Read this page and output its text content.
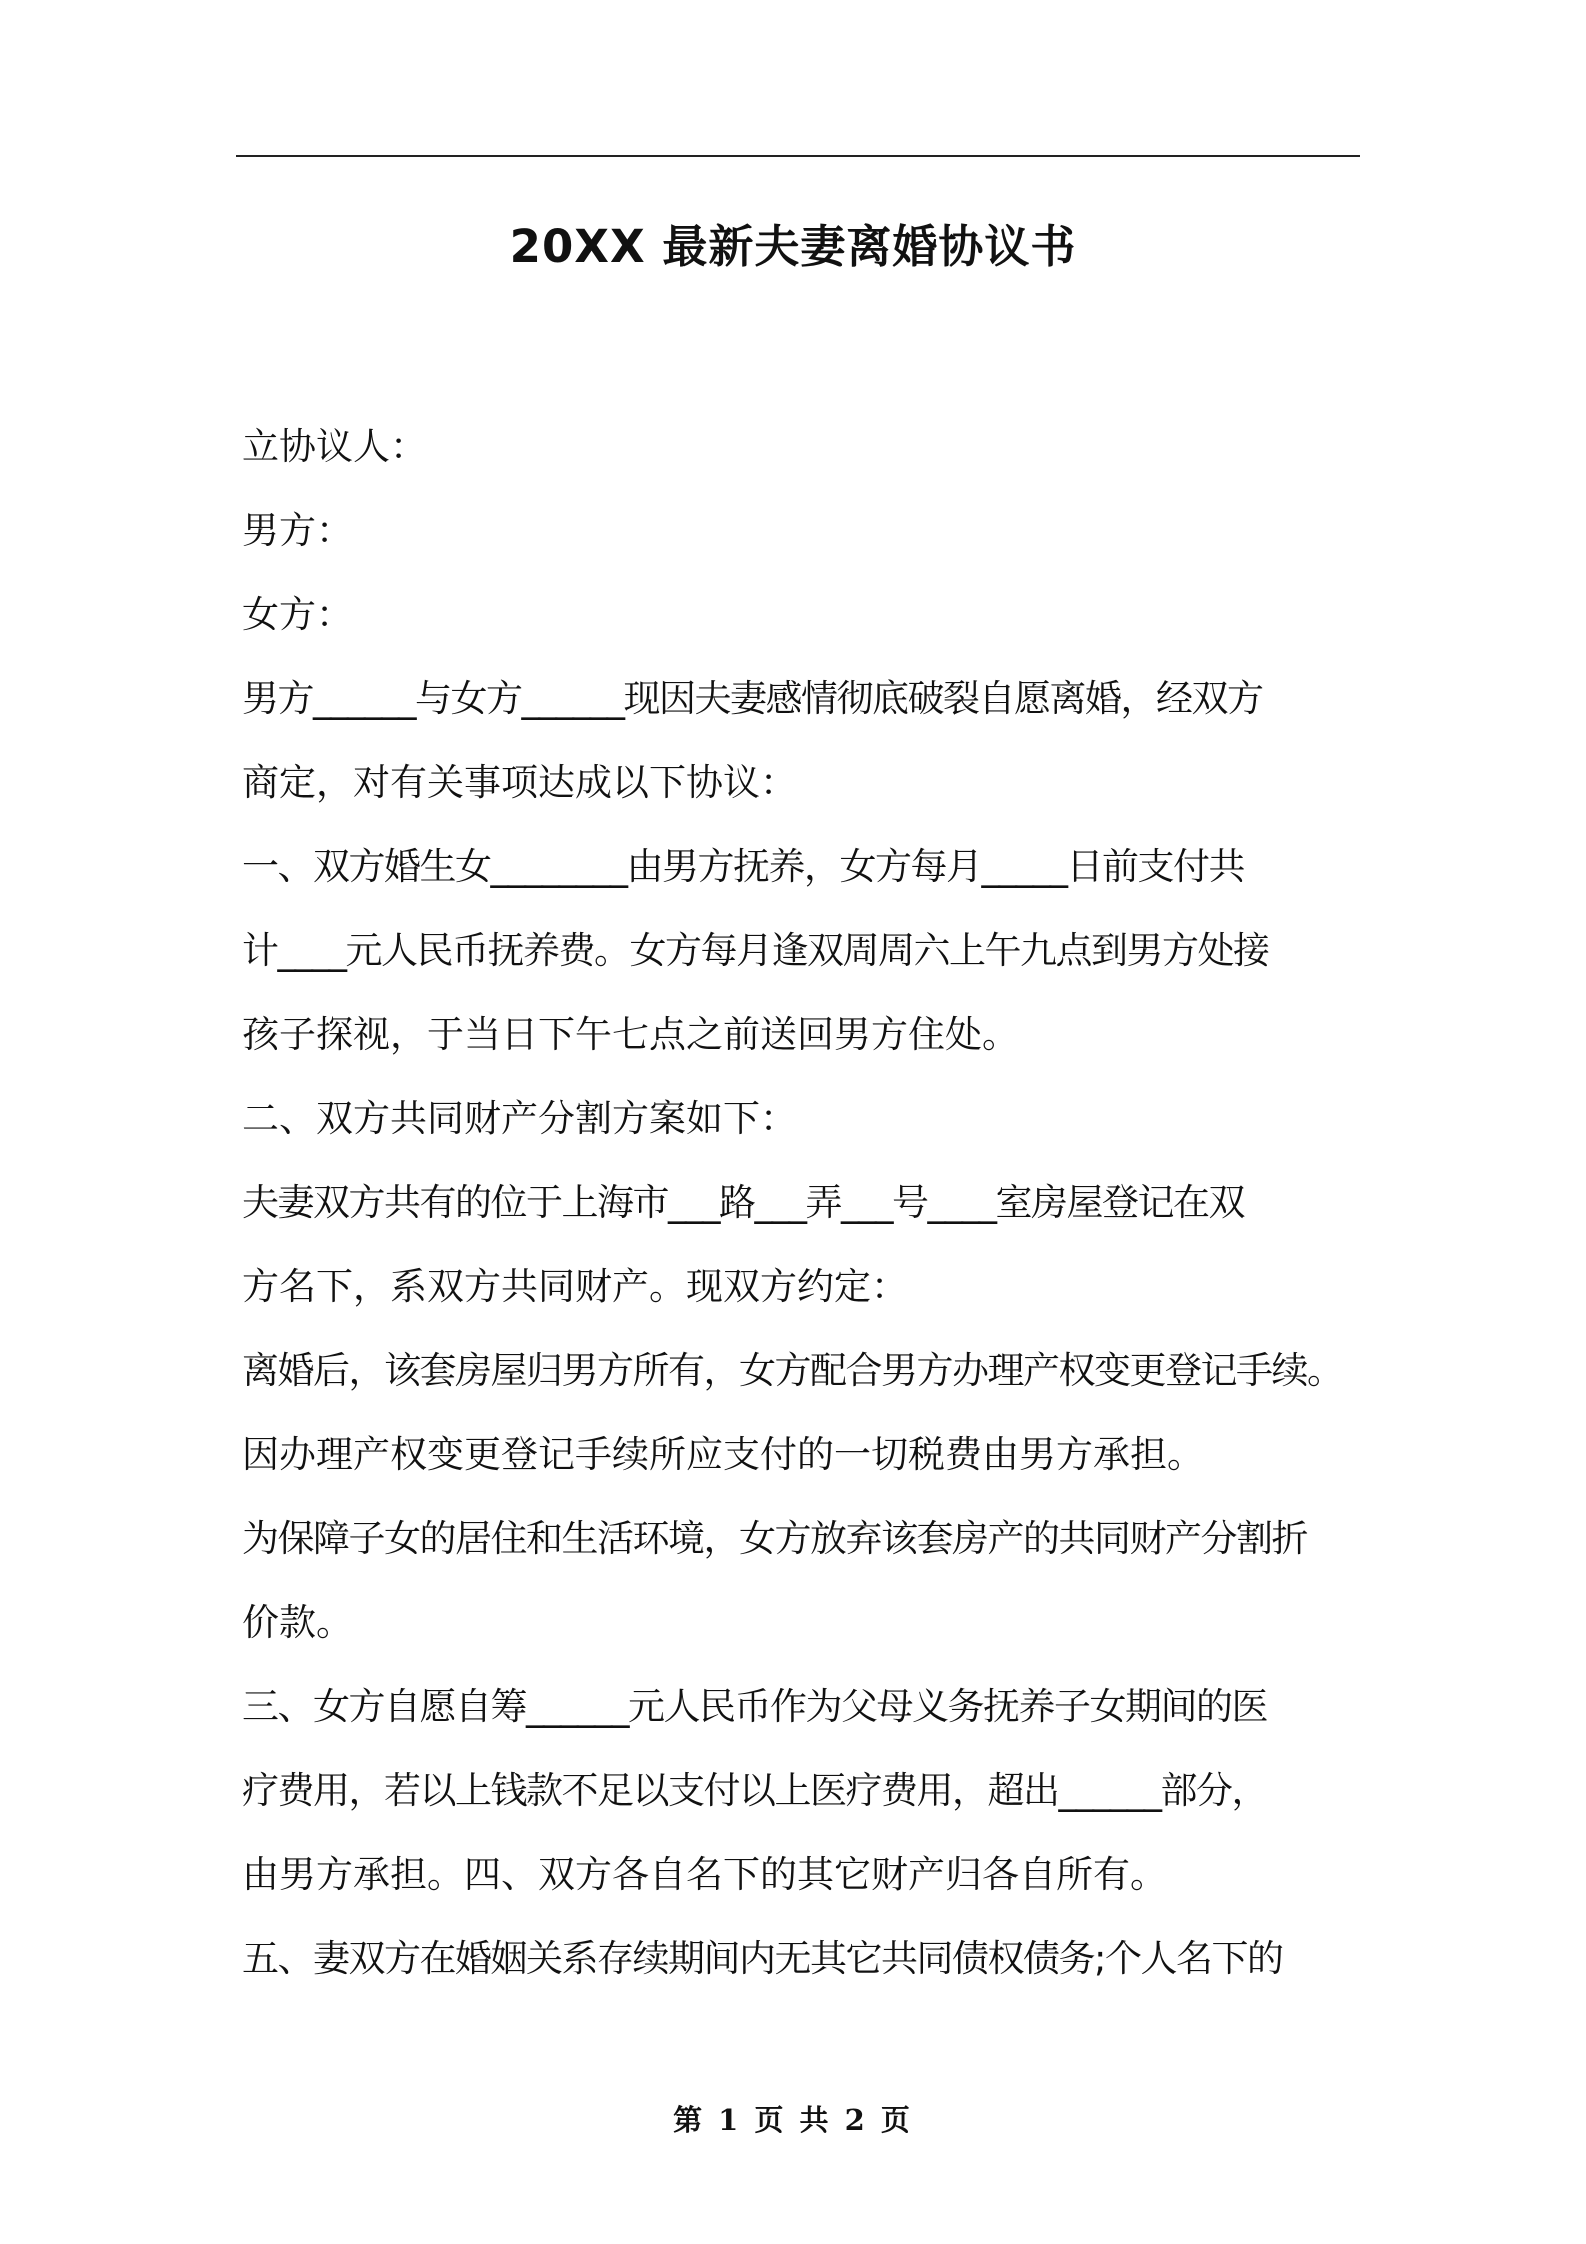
20XX 最新夫妻离婚协议书
立协议人：
男方：
女方：
男方______与女方______现因夫妻感情彻底破裂自愿离婚，经双方
商定，对有关事项达成以下协议：
一、双方婚生女________由男方抚养，女方每月_____日前支付共
计____元人民币抚养费。女方每月逢双周周六上午九点到男方处接
孩子探视，于当日下午七点之前送回男方住处。
二、双方共同财产分割方案如下：
夫妻双方共有的位于上海市___路___弄___号____室房屋登记在双
方名下，系双方共同财产。现双方约定：
离婚后，该套房屋归男方所有，女方配合男方办理产权变更登记手续。
因办理产权变更登记手续所应支付的一切税费由男方承担。
为保障子女的居住和生活环境，女方放弃该套房产的共同财产分割折
价款。
三、女方自愿自筹______元人民币作为父母义务抚养子女期间的医
疗费用，若以上钱款不足以支付以上医疗费用，超出______部分，
由男方承担。四、双方各自名下的其它财产归各自所有。
五、妻双方在婚姻关系存续期间内无其它共同债权债务;个人名下的
第 1 页 共 2 页
